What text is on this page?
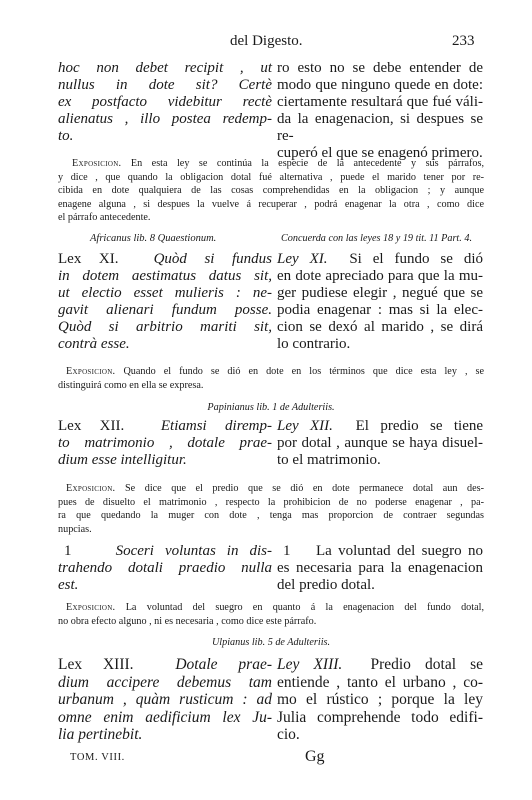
del Digesto.	233
hoc non debet recipit , ut
nullus in dote sit? Certè
ex postfacto videbitur rectè
alienatus , illo postea redemp-
to.
ro esto no se debe entender de
modo que ninguno quede en dote:
ciertamente resultará que fué váli-
da la enagenacion, si despues se re-
cuperó el que se enagenó primero.
Exposicion. En esta ley se continúa la especie de la antecedente y sus párrafos,
y dice , que quando la obligacion dotal fué alternativa , puede el marido tener por re-
cibida en dote qualquiera de las cosas comprehendidas en la obligacion ; y aunque
enagene alguna , si despues la vuelve á recuperar , podrá enagenar la otra , como dice
el párrafo antecedente.
Africanus lib. 8 Quaestionum.	Concuerda con las leyes 18 y 19 tit. 11 Part. 4.
Lex XI. Quòd si fundus
in dotem aestimatus datus sit,
ut electio esset mulieris : ne-
gavit alienari fundum posse.
Quòd si arbitrio mariti sit,
contrà esse.
Ley XI. Si el fundo se dió
en dote apreciado para que la mu-
ger pudiese elegir , negué que se
podia enagenar : mas si la elec-
cion se dexó al marido , se dirá
lo contrario.
Exposicion. Quando el fundo se dió en dote en los términos que dice esta ley , se
distinguirá como en ella se expresa.
Papinianus lib. 1 de Adulteriis.
Lex XII. Etiamsi diremp-
to matrimonio , dotale prae-
dium esse intelligitur.
Ley XII. El predio se tiene
por dotal , aunque se haya disuel-
to el matrimonio.
Exposicion. Se dice que el predio que se dió en dote permanece dotal aun des-
pues de disuelto el matrimonio , respecto la prohibicion de no poderse enagenar , pa-
ra que quedando la muger con dote , tenga mas proporcion de contraer segundas
nupcias.
1	Soceri voluntas in dis-
trahendo dotali praedio nulla
est.
1 La voluntad del suegro no
es necesaria para la enagenacion
del predio dotal.
Exposicion. La voluntad del suegro en quanto á la enagenacion del fundo dotal,
no obra efecto alguno , ni es necesaria , como dice este párrafo.
Ulpianus lib. 5 de Adulteriis.
Lex XIII.	Dotale prae-
dium accipere debemus tam
urbanum , quàm rusticum : ad
omne enim aedificium lex Ju-
lia pertinebit.
Ley XIII. Predio dotal se
entiende , tanto el urbano , co-
mo el rústico ; porque la ley
Julia comprehende todo edifi-
cio.
TOM. VIII.	Gg
